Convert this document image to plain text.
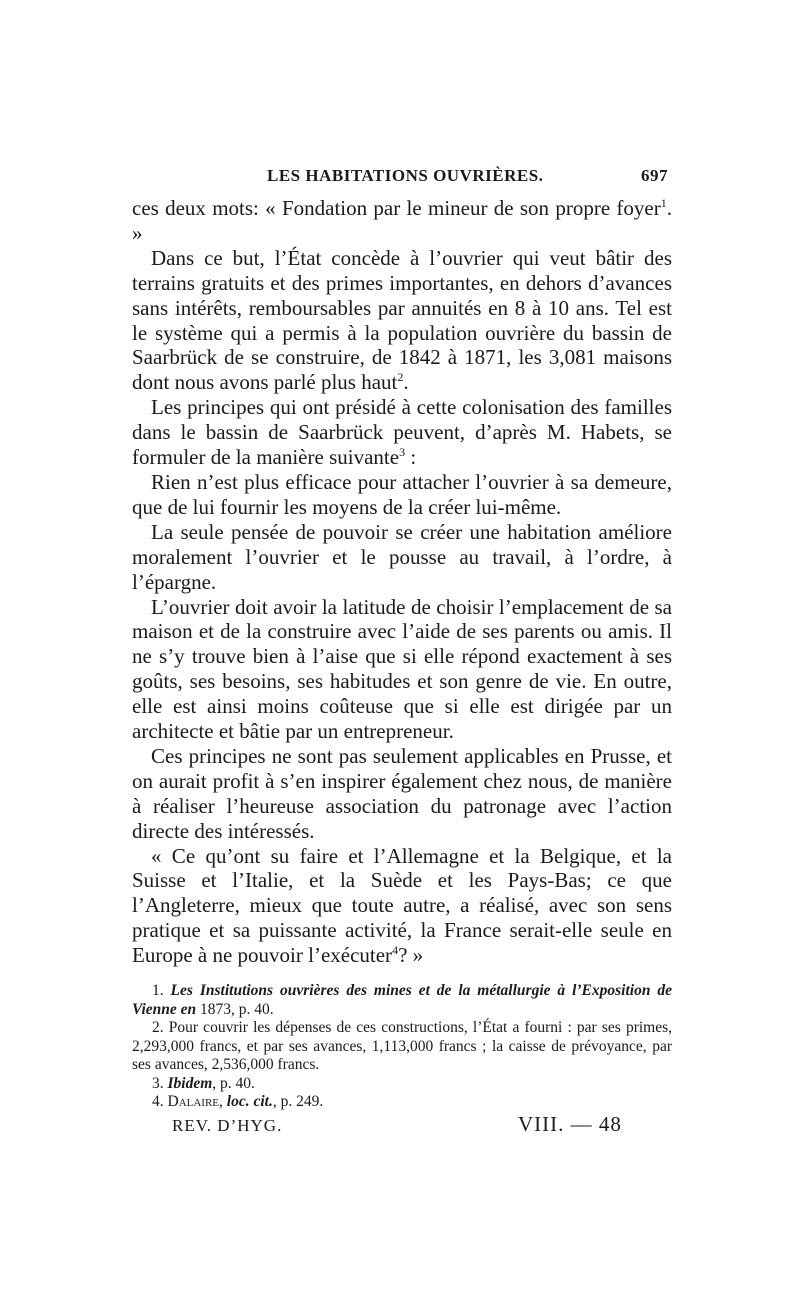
LES HABITATIONS OUVRIÈRES.	697

ces deux mots: « Fondation par le mineur de son propre foyer$^1$. »

Dans ce but, l’État concède à l’ouvrier qui veut bâtir des terrains gratuits et des primes importantes, en dehors d’avances sans intérêts, remboursables par annuités en 8 à 10 ans. Tel est le système qui a permis à la population ouvrière du bassin de Saarbrück de se construire, de 1842 à 1871, les 3,081 maisons dont nous avons parlé plus haut$^2$.

Les principes qui ont présidé à cette colonisation des familles dans le bassin de Saarbrück peuvent, d’après M. Habets, se formuler de la manière suivante$^3$ :

Rien n’est plus efficace pour attacher l’ouvrier à sa demeure, que de lui fournir les moyens de la créer lui-même.

La seule pensée de pouvoir se créer une habitation améliore moralement l’ouvrier et le pousse au travail, à l’ordre, à l’épargne.

L’ouvrier doit avoir la latitude de choisir l’emplacement de sa maison et de la construire avec l’aide de ses parents ou amis. Il ne s’y trouve bien à l’aise que si elle répond exactement à ses goûts, ses besoins, ses habitudes et son genre de vie. En outre, elle est ainsi moins coûteuse que si elle est dirigée par un architecte et bâtie par un entrepreneur.

Ces principes ne sont pas seulement applicables en Prusse, et on aurait profit à s’en inspirer également chez nous, de manière à réaliser l’heureuse association du patronage avec l’action directe des intéressés.

« Ce qu’ont su faire et l’Allemagne et la Belgique, et la Suisse et l’Italie, et la Suède et les Pays-Bas; ce que l’Angleterre, mieux que toute autre, a réalisé, avec son sens pratique et sa puissante activité, la France serait-elle seule en Europe à ne pouvoir l’exécuter$^4$? »

1. Les Institutions ouvrières des mines et de la métallurgie à l’Exposition de Vienne en 1873, p. 40.

2. Pour couvrir les dépenses de ces constructions, l’État a fourni : par ses primes, 2,293,000 francs, et par ses avances, 1,113,000 francs ; la caisse de prévoyance, par ses avances, 2,536,000 francs.

3. Ibidem, p. 40.

4. Dalaire, loc. cit., p. 249.

REV. D’HYG.	VIII. — 48
